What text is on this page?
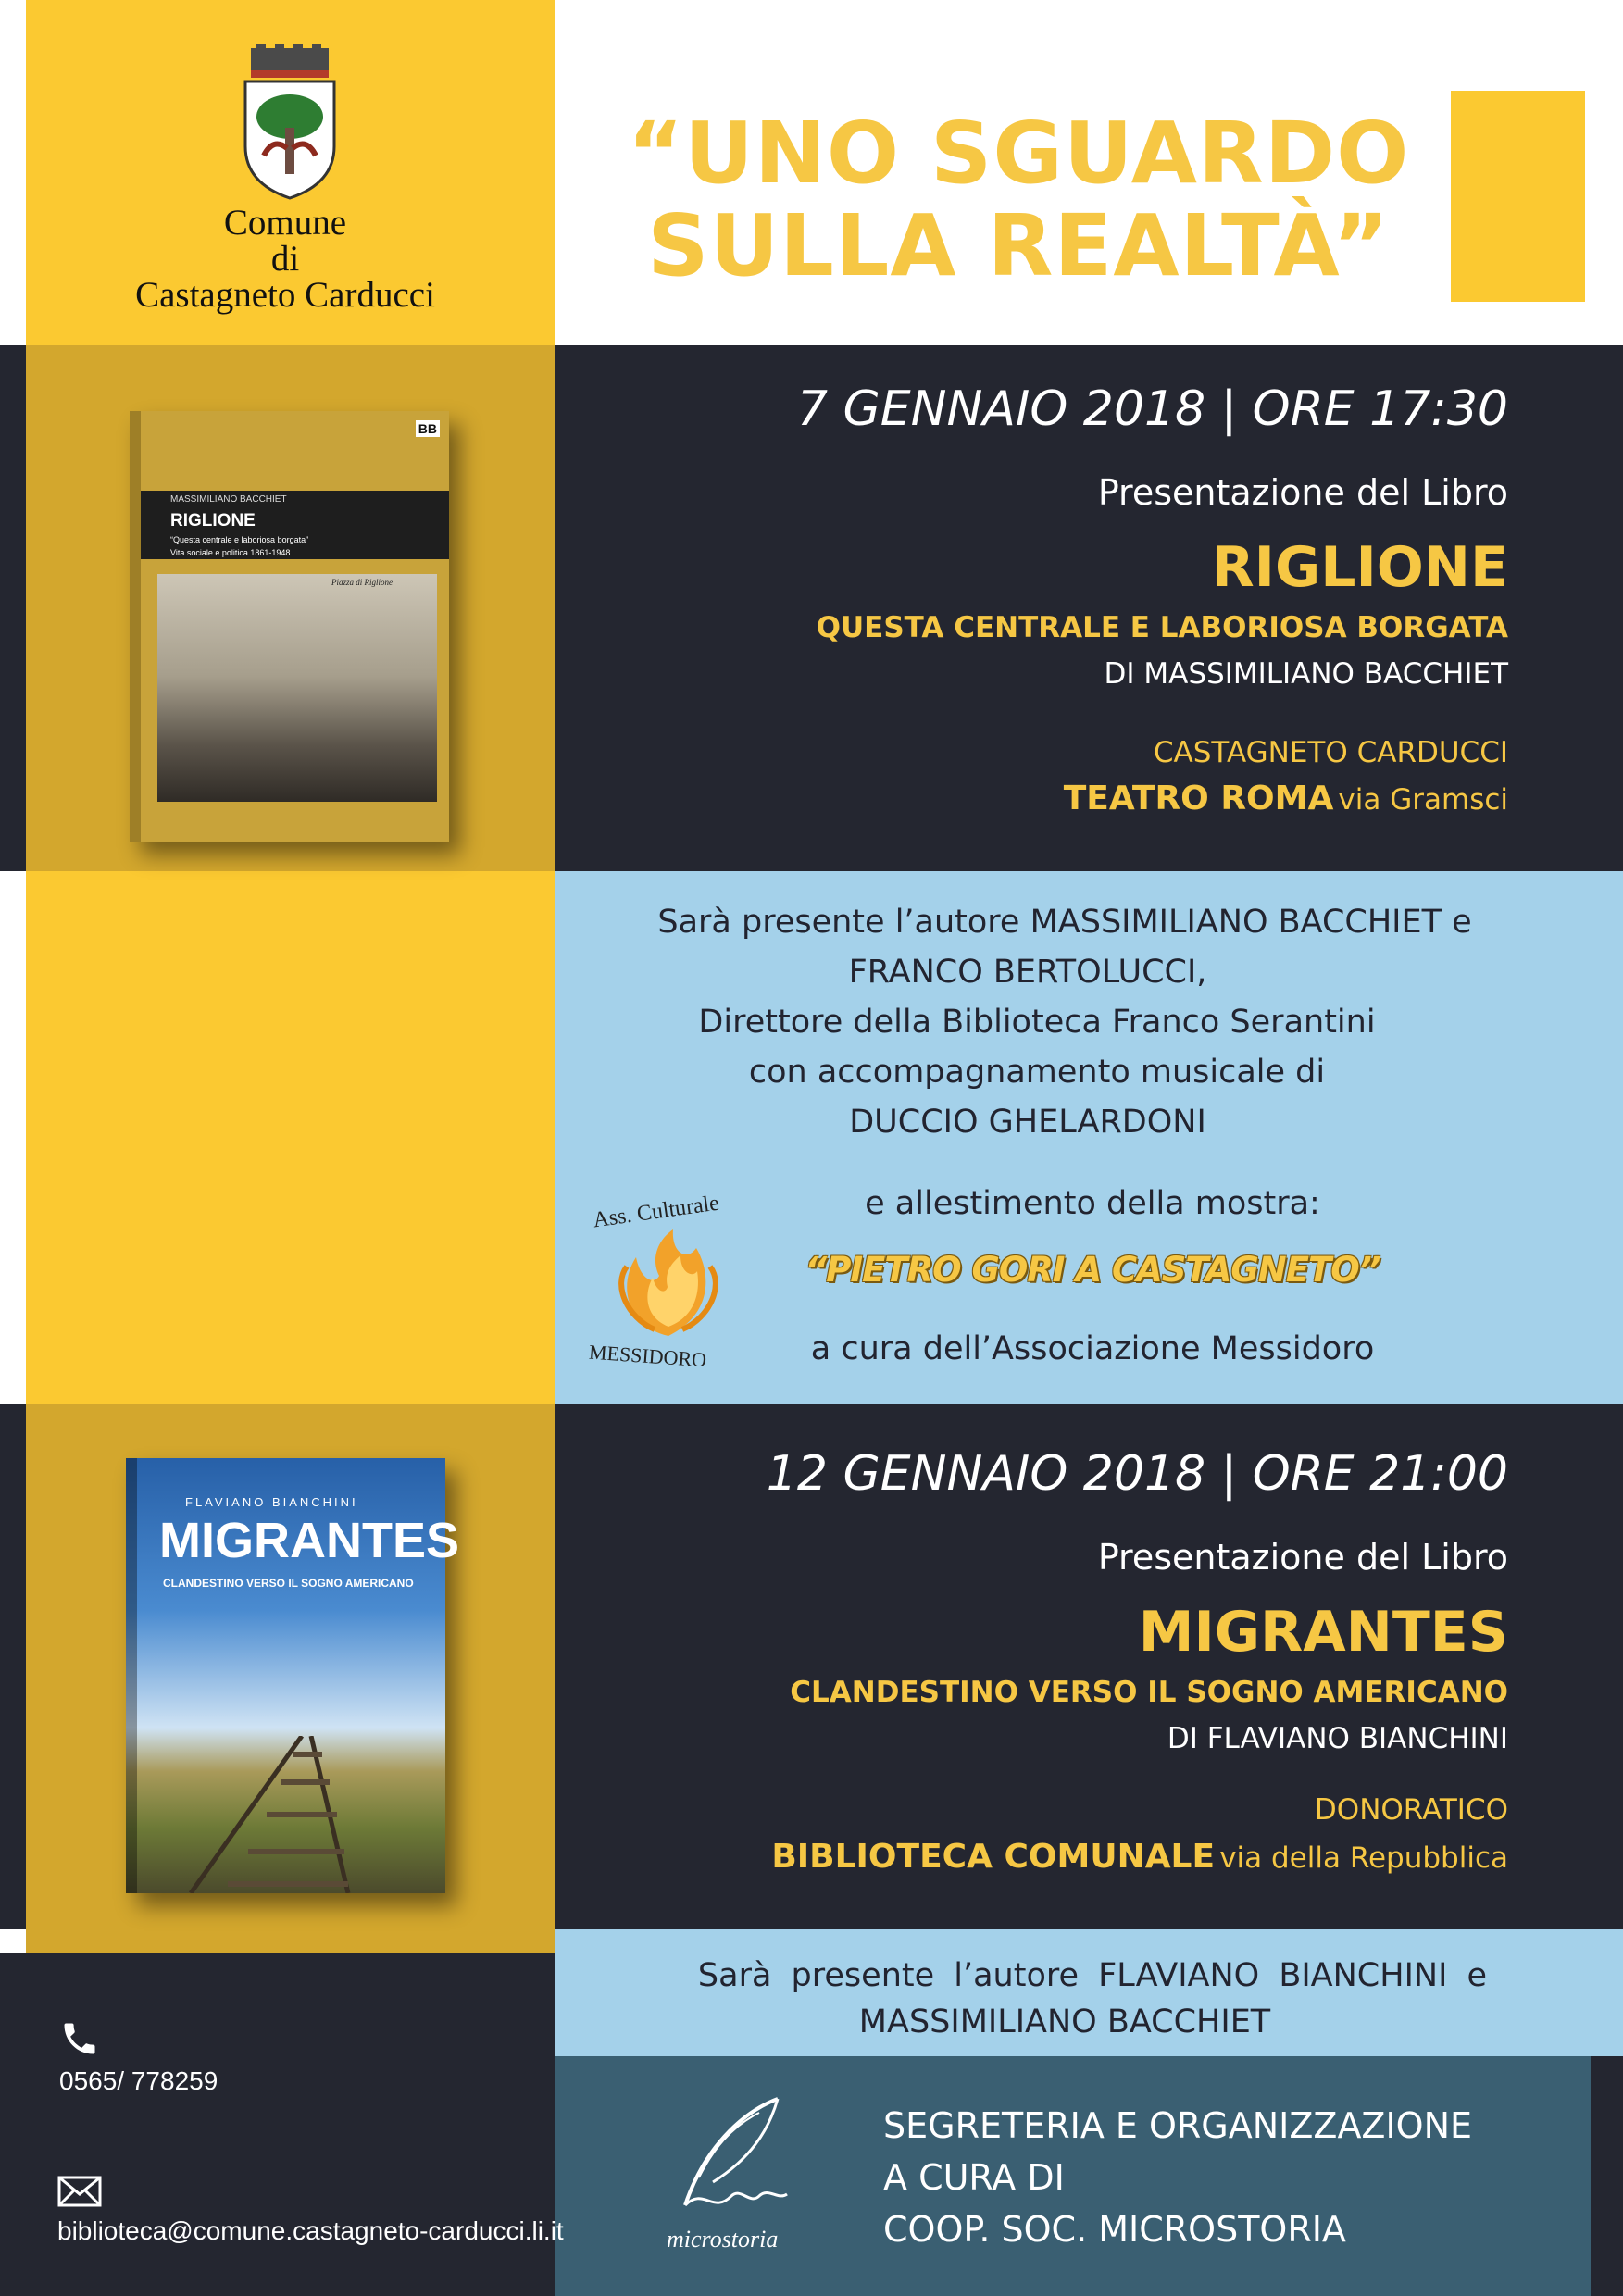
Comune
di
Castagneto Carducci
“UNO SGUARDO
SULLA REALTÀ”
BB
MASSIMILIANO BACCHIET
RIGLIONE
“Questa centrale e laboriosa borgata”
Vita sociale e politica 1861-1948
Piazza di Riglione
7 GENNAIO 2018 | ORE 17:30
Presentazione del Libro
RIGLIONE
QUESTA CENTRALE E LABORIOSA BORGATA
DI MASSIMILIANO BACCHIET
CASTAGNETO CARDUCCI
TEATRO ROMA via Gramsci
Sarà presente l’autore MASSIMILIANO BACCHIET e
FRANCO BERTOLUCCI,
Direttore della Biblioteca Franco Serantini
con accompagnamento musicale di
DUCCIO GHELARDONI
e allestimento della mostra:
“PIETRO GORI A CASTAGNETO”
a cura dell’Associazione Messidoro
Ass. Culturale
MESSIDORO
FLAVIANO BIANCHINI
MIGRANTES
CLANDESTINO VERSO IL SOGNO AMERICANO
12 GENNAIO 2018 | ORE 21:00
Presentazione del Libro
MIGRANTES
CLANDESTINO VERSO IL SOGNO AMERICANO
DI FLAVIANO BIANCHINI
DONORATICO
BIBLIOTECA COMUNALE via della Repubblica
Sarà presente l’autore FLAVIANO BIANCHINI e
MASSIMILIANO BACCHIET
0565/ 778259
biblioteca@comune.castagneto-carducci.li.it	microstoria
SEGRETERIA E ORGANIZZAZIONE
A CURA DI
COOP. SOC. MICROSTORIA
